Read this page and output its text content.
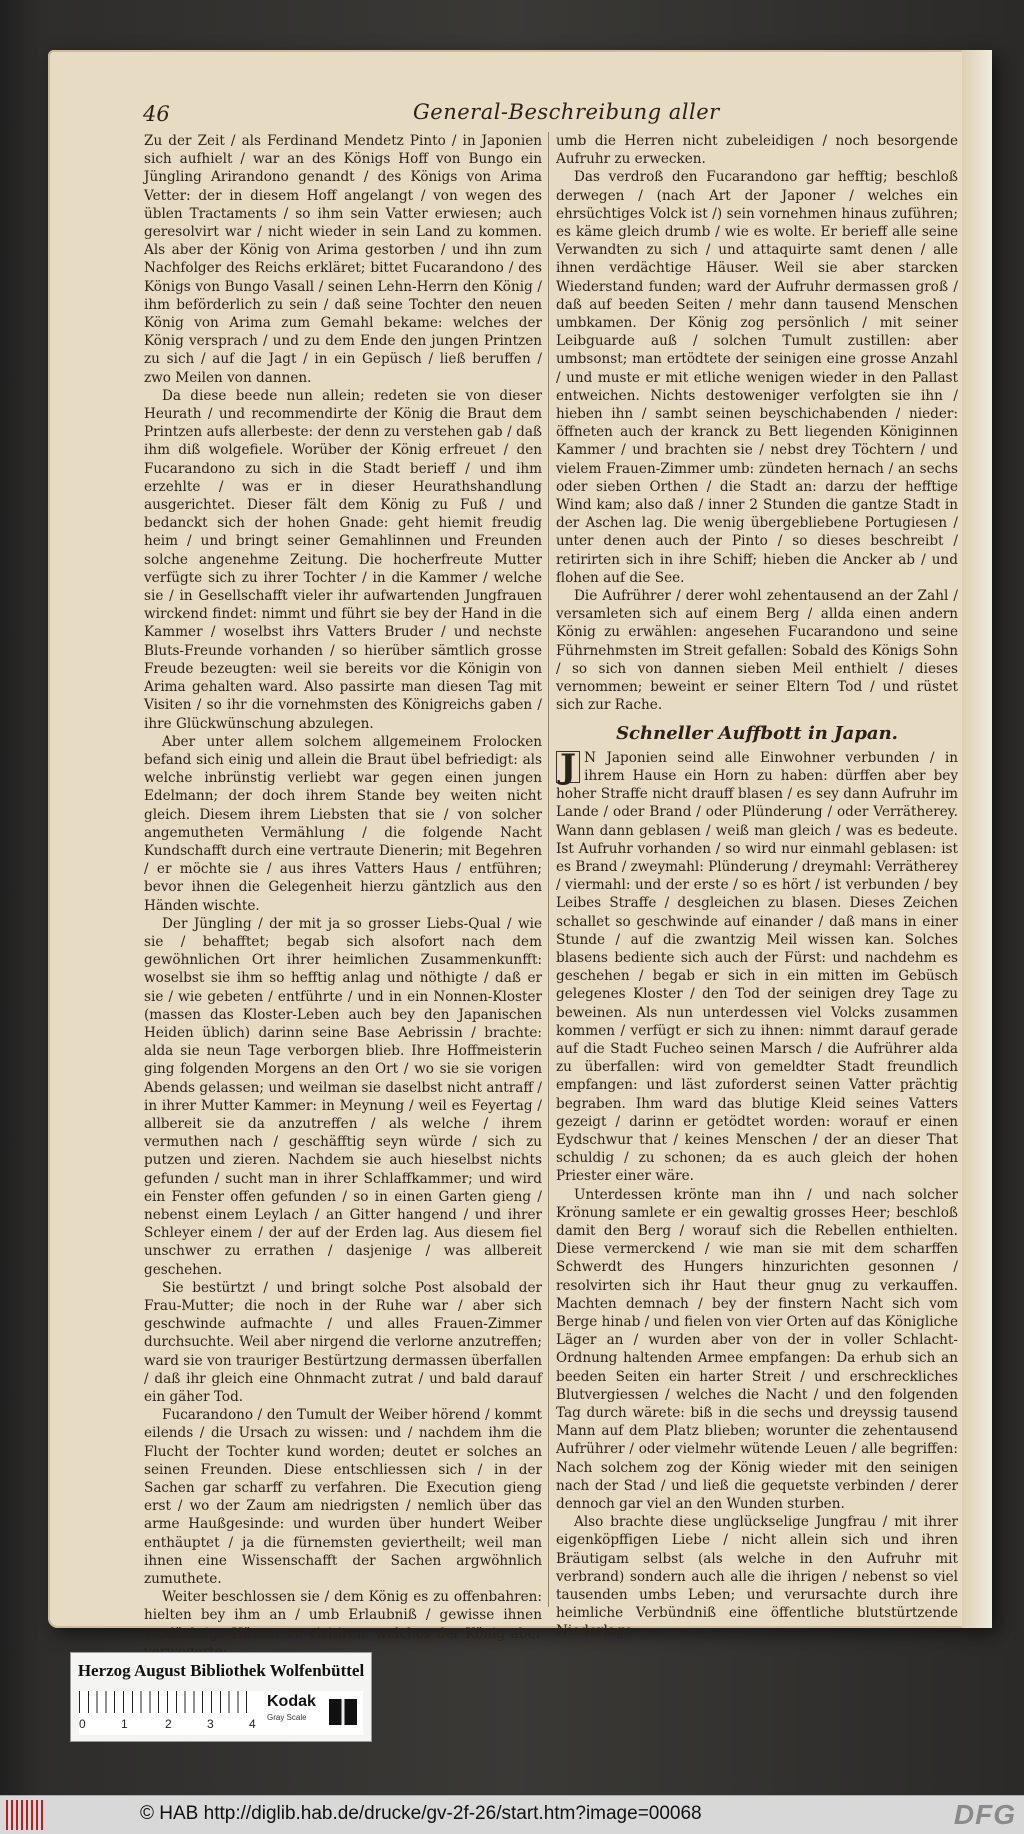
46	General-Beschreibung aller

Zu der Zeit / als Ferdinand Mendetz Pinto / in Japonien sich aufhielt / war an des Königs Hoff von Bungo ein Jüngling Arirandono genandt / des Königs von Arima Vetter: der in diesem Hoff angelangt / von wegen des üblen Tractaments / so ihm sein Vatter erwiesen; auch geresolvirt war / nicht wieder in sein Land zu kommen. Als aber der König von Arima gestorben / und ihn zum Nachfolger des Reichs erkläret; bittet Fucarandono / des Königs von Bungo Vasall / seinen Lehn-Herrn den König / ihm beförderlich zu sein / daß seine Tochter den neuen König von Arima zum Gemahl bekame: welches der König versprach / und zu dem Ende den jungen Printzen zu sich / auf die Jagt / in ein Gepüsch / ließ beruffen / zwo Meilen von dannen.

Da diese beede nun allein; redeten sie von dieser Heurath / und recommendirte der König die Braut dem Printzen aufs allerbeste: der denn zu verstehen gab / daß ihm diß wolgefiele. Worüber der König erfreuet / den Fucarandono zu sich in die Stadt berieff / und ihm erzehlte / was er in dieser Heurathshandlung ausgerichtet. Dieser fält dem König zu Fuß / und bedanckt sich der hohen Gnade: geht hiemit freudig heim / und bringt seiner Gemahlinnen und Freunden solche angenehme Zeitung. Die hocherfreute Mutter verfügte sich zu ihrer Tochter / in die Kammer / welche sie / in Gesellschafft vieler ihr aufwartenden Jungfrauen wirckend findet: nimmt und führt sie bey der Hand in die Kammer / woselbst ihrs Vatters Bruder / und nechste Bluts-Freunde vorhanden / so hierüber sämtlich grosse Freude bezeugten: weil sie bereits vor die Königin von Arima gehalten ward. Also passirte man diesen Tag mit Visiten / so ihr die vornehmsten des Königreichs gaben / ihre Glückwünschung abzulegen.

Aber unter allem solchem allgemeinem Frolocken befand sich einig und allein die Braut übel befriedigt: als welche inbrünstig verliebt war gegen einen jungen Edelmann; der doch ihrem Stande bey weiten nicht gleich. Diesem ihrem Liebsten that sie / von solcher angemutheten Vermählung / die folgende Nacht Kundschafft durch eine vertraute Dienerin; mit Begehren / er möchte sie / aus ihres Vatters Haus / entführen; bevor ihnen die Gelegenheit hierzu gäntzlich aus den Händen wischte.

Der Jüngling / der mit ja so grosser Liebs-Qual / wie sie / behafftet; begab sich alsofort nach dem gewöhnlichen Ort ihrer heimlichen Zusammenkunfft: woselbst sie ihm so hefftig anlag und nöthigte / daß er sie / wie gebeten / entführte / und in ein Nonnen-Kloster (massen das Kloster-Leben auch bey den Japanischen Heiden üblich) darinn seine Base Aebrissin / brachte: alda sie neun Tage verborgen blieb. Ihre Hoffmeisterin ging folgenden Morgens an den Ort / wo sie sie vorigen Abends gelassen; und weilman sie daselbst nicht antraff / in ihrer Mutter Kammer: in Meynung / weil es Feyertag / allbereit sie da anzutreffen / als welche / ihrem vermuthen nach / geschäfftig seyn würde / sich zu putzen und zieren. Nachdem sie auch hieselbst nichts gefunden / sucht man in ihrer Schlaffkammer; und wird ein Fenster offen gefunden / so in einen Garten gieng / nebenst einem Leylach / an Gitter hangend / und ihrer Schleyer einem / der auf der Erden lag. Aus diesem fiel unschwer zu errathen / dasjenige / was allbereit geschehen.

Sie bestürtzt / und bringt solche Post alsobald der Frau-Mutter; die noch in der Ruhe war / aber sich geschwinde aufmachte / und alles Frauen-Zimmer durchsuchte. Weil aber nirgend die verlorne anzutreffen; ward sie von trauriger Bestürtzung dermassen überfallen / daß ihr gleich eine Ohnmacht zutrat / und bald darauf ein gäher Tod.

Fucarandono / den Tumult der Weiber hörend / kommt eilends / die Ursach zu wissen: und / nachdem ihm die Flucht der Tochter kund worden; deutet er solches an seinen Freunden. Diese entschliessen sich / in der Sachen gar scharff zu verfahren. Die Execution gieng erst / wo der Zaum am niedrigsten / nemlich über das arme Haußgesinde: und wurden über hundert Weiber enthäuptet / ja die fürnemsten geviertheilt; weil man ihnen eine Wissenschafft der Sachen argwöhnlich zumuthete.

Weiter beschlossen sie / dem König es zu offenbahren: hielten bey ihm an / umb Erlaubniß / gewisse ihnen verdächtige Häuser zu visitiren: welches der König aber

umb die Herren nicht zubeleidigen / noch besorgende Aufruhr zu erwecken.

Das verdroß den Fucarandono gar hefftig; beschloß derwegen / (nach Art der Japoner / welches ein ehrsüchtiges Volck ist /) sein vornehmen hinaus zuführen; es käme gleich drumb / wie es wolte. Er berieff alle seine Verwandten zu sich / und attaquirte samt denen / alle ihnen verdächtige Häuser. Weil sie aber starcken Wiederstand funden; ward der Aufruhr dermassen groß / daß auf beeden Seiten / mehr dann tausend Menschen umbkamen. Der König zog persönlich / mit seiner Leibguarde auß / solchen Tumult zustillen: aber umbsonst; man ertödtete der seinigen eine grosse Anzahl / und muste er mit etliche wenigen wieder in den Pallast entweichen. Nichts destoweniger verfolgten sie ihn / hieben ihn / sambt seinen beyschichabenden / nieder: öffneten auch der kranck zu Bett liegenden Königinnen Kammer / und brachten sie / nebst drey Töchtern / und vielem Frauen-Zimmer umb: zündeten hernach / an sechs oder sieben Orthen / die Stadt an: darzu der hefftige Wind kam; also daß / inner 2 Stunden die gantze Stadt in der Aschen lag. Die wenig übergebliebene Portugiesen / unter denen auch der Pinto / so dieses beschreibt / retirirten sich in ihre Schiff; hieben die Ancker ab / und flohen auf die See.

Die Aufrührer / derer wohl zehentausend an der Zahl / versamleten sich auf einem Berg / allda einen andern König zu erwählen: angesehen Fucarandono und seine Führnehmsten im Streit gefallen: Sobald des Königs Sohn / so sich von dannen sieben Meil enthielt / dieses vernommen; beweint er seiner Eltern Tod / und rüstet sich zur Rache.

Schneller Auffbott in Japan.

J N Japonien seind alle Einwohner verbunden / in ihrem Hause ein Horn zu haben: dürffen aber bey hoher Straffe nicht drauff blasen / es sey dann Aufruhr im Lande / oder Brand / oder Plünderung / oder Verrätherey. Wann dann geblasen / weiß man gleich / was es bedeute. Ist Aufruhr vorhanden / so wird nur einmahl geblasen: ist es Brand / zweymahl: Plünderung / dreymahl: Verrätherey / viermahl: und der erste / so es hört / ist verbunden / bey Leibes Straffe / desgleichen zu blasen. Dieses Zeichen schallet so geschwinde auf einander / daß mans in einer Stunde / auf die zwantzig Meil wissen kan. Solches blasens bediente sich auch der Fürst: und nachdehm es geschehen / begab er sich in ein mitten im Gebüsch gelegenes Kloster / den Tod der seinigen drey Tage zu beweinen. Als nun unterdessen viel Volcks zusammen kommen / verfügt er sich zu ihnen: nimmt darauf gerade auf die Stadt Fuchео seinen Marsch / die Aufrührer alda zu überfallen: wird von gemeldter Stadt freundlich empfangen: und läst zuforderst seinen Vatter prächtig begraben. Ihm ward das blutige Kleid seines Vatters gezeigt / darinn er getödtet worden: worauf er einen Eydschwur that / keines Menschen / der an dieser That schuldig / zu schonen; da es auch gleich der hohen Priester einer wäre.

Unterdessen krönte man ihn / und nach solcher Krönung samlete er ein gewaltig grosses Heer; beschloß damit den Berg / worauf sich die Rebellen enthielten. Diese vermerckend / wie man sie mit dem scharffen Schwerdt des Hungers hinzurichten gesonnen / resolvirten sich ihr Haut theur gnug zu verkauffen. Machten demnach / bey der finstern Nacht sich vom Berge hinab / und fielen von vier Orten auf das Königliche Läger an / wurden aber von der in voller Schlacht-Ordnung haltenden Armee empfangen: Da erhub sich an beeden Seiten ein harter Streit / und erschreckliches Blutvergiessen / welches die Nacht / und den folgenden Tag durch wärete: biß in die sechs und dreyssig tausend Mann auf dem Platz blieben; worunter die zehentausend Aufrührer / oder vielmehr wütende Leuen / alle begriffen: Nach solchem zog der König wieder mit den seinigen nach der Stad / und ließ die gequetste verbinden / derer dennoch gar viel an den Wunden sturben.

Also brachte diese unglückselige Jungfrau / mit ihrer eigenköpffigen Liebe / nicht allein sich und ihren Bräutigam selbst (als welche in den Aufruhr mit verbrand) sondern auch alle die ihrigen / nebenst so viel tausenden umbs Leben; und verursachte durch ihre heimliche Verbündniß eine öffentliche blutstürtzende Niederlage.

Herzog August Bibliothek Wolfenbüttel
0	1	2	3	4
Kodak
Gray Scale
© HAB http://diglib.hab.de/drucke/gv-2f-26/start.htm?image=00068	DFG
